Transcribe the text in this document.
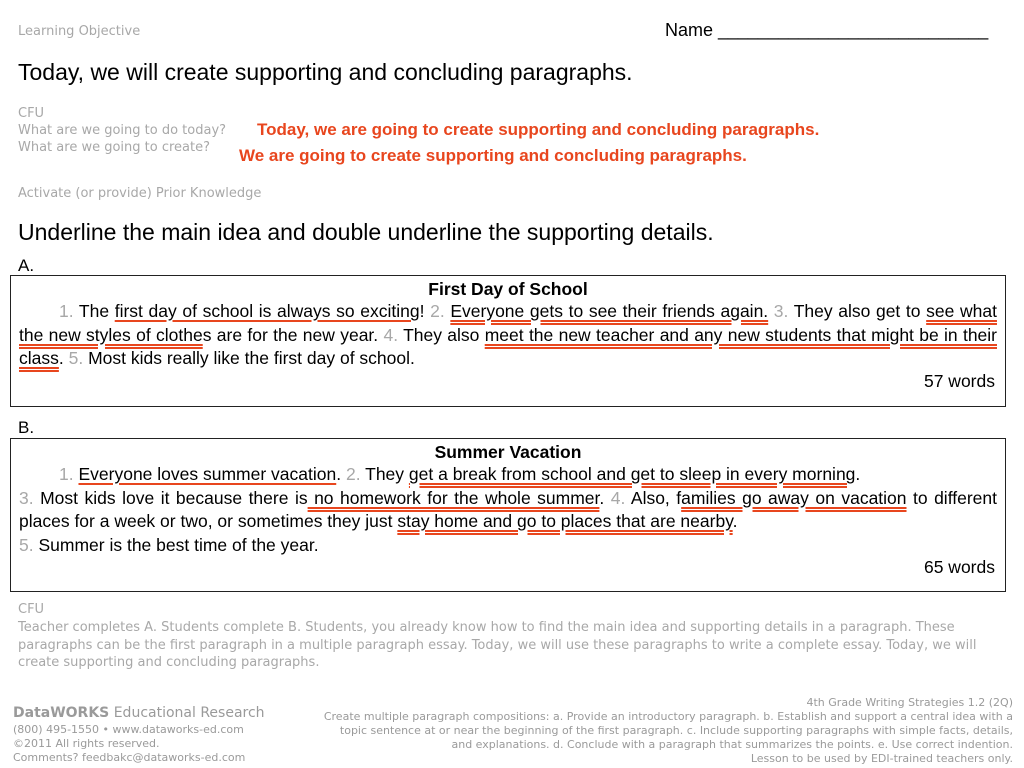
Learning Objective	Name ___________________________
Today, we will create supporting and concluding paragraphs.
CFU
What are we going to do today?
What are we going to create?
Today, we are going to create supporting and concluding paragraphs.
We are going to create supporting and concluding paragraphs.
Activate (or provide) Prior Knowledge
Underline the main idea and double underline the supporting details.
A.
First Day of School
1. The first day of school is always so exciting! 2. Everyone gets to see their friends again. 3. They also get to see what the new styles of clothes are for the new year. 4. They also meet the new teacher and any new students that might be in their class. 5. Most kids really like the first day of school.
57 words
B.
Summer Vacation
1. Everyone loves summer vacation. 2. They get a break from school and get to sleep in every morning.
3. Most kids love it because there is no homework for the whole summer. 4. Also, families go away on vacation to different places for a week or two, or sometimes they just stay home and go to places that are nearby.
5. Summer is the best time of the year.
65 words
CFU
Teacher completes A. Students complete B. Students, you already know how to find the main idea and supporting details in a paragraph. These paragraphs can be the first paragraph in a multiple paragraph essay. Today, we will use these paragraphs to write a complete essay. Today, we will create supporting and concluding paragraphs.
DataWORKS Educational Research
(800) 495-1550 • www.dataworks-ed.com
©2011 All rights reserved.
Comments? feedbakc@dataworks-ed.com
4th Grade Writing Strategies 1.2 (2Q)
Create multiple paragraph compositions: a. Provide an introductory paragraph. b. Establish and support a central idea with a topic sentence at or near the beginning of the first paragraph. c. Include supporting paragraphs with simple facts, details, and explanations. d. Conclude with a paragraph that summarizes the points. e. Use correct indention.
Lesson to be used by EDI-trained teachers only.
